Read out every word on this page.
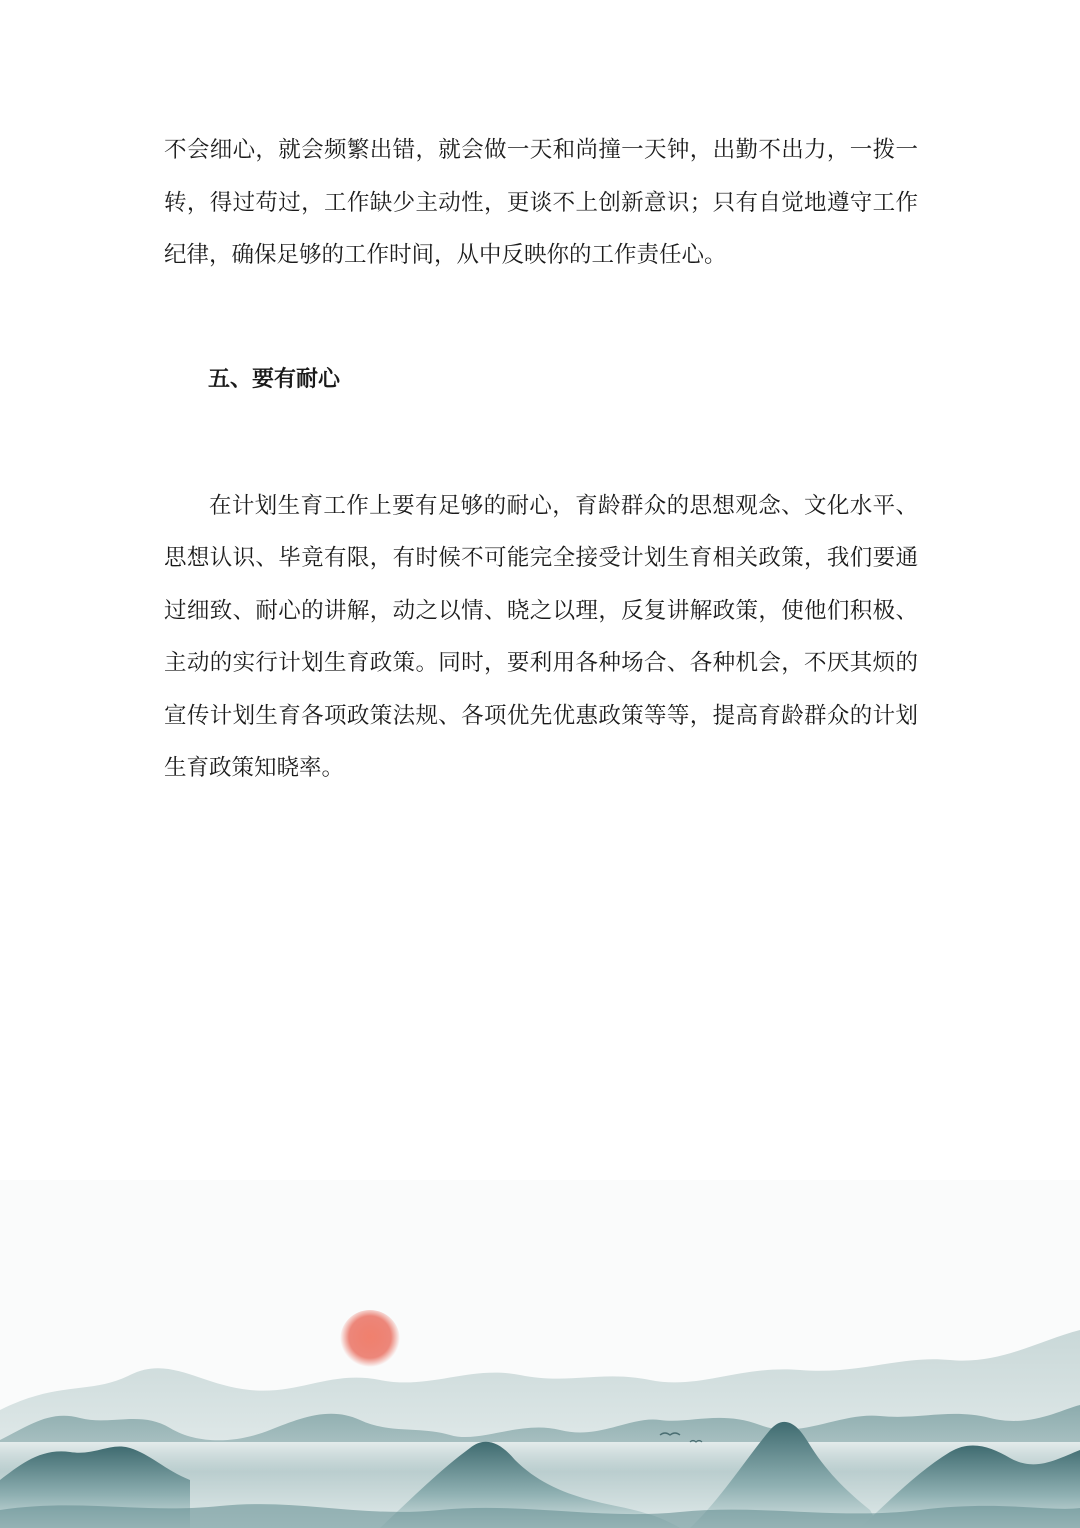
不会细心，就会频繁出错，就会做一天和尚撞一天钟，出勤不出力，一拨一转，得过苟过，工作缺少主动性，更谈不上创新意识；只有自觉地遵守工作纪律，确保足够的工作时间，从中反映你的工作责任心。

五、要有耐心

在计划生育工作上要有足够的耐心，育龄群众的思想观念、文化水平、思想认识、毕竟有限，有时候不可能完全接受计划生育相关政策，我们要通过细致、耐心的讲解，动之以情、晓之以理，反复讲解政策，使他们积极、主动的实行计划生育政策。同时，要利用各种场合、各种机会，不厌其烦的宣传计划生育各项政策法规、各项优先优惠政策等等，提高育龄群众的计划生育政策知晓率。
